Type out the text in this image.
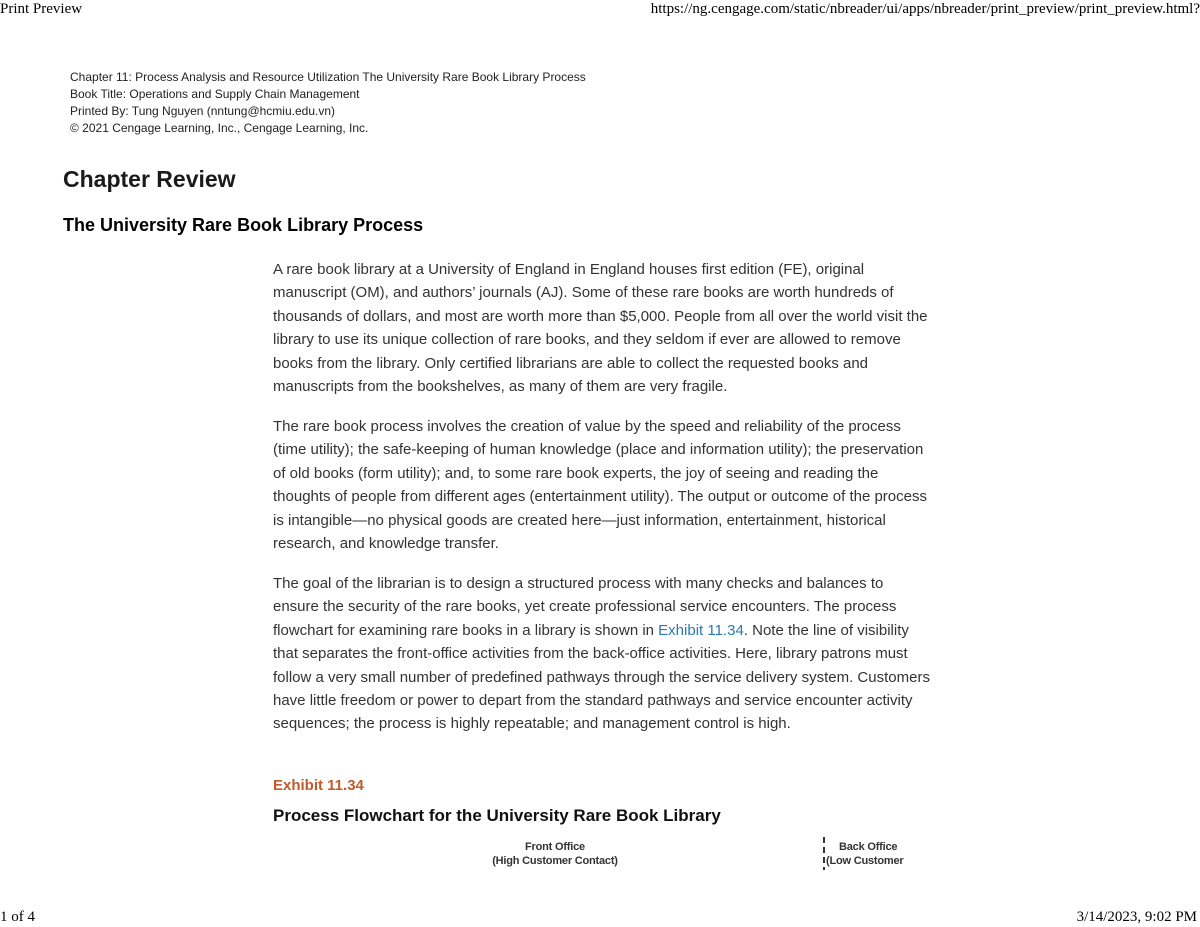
Print Preview	https://ng.cengage.com/static/nbreader/ui/apps/nbreader/print_preview/print_preview.html?
Chapter 11: Process Analysis and Resource Utilization The University Rare Book Library Process
Book Title: Operations and Supply Chain Management
Printed By: Tung Nguyen (nntung@hcmiu.edu.vn)
© 2021 Cengage Learning, Inc., Cengage Learning, Inc.
Chapter Review
The University Rare Book Library Process

A rare book library at a University of England in England houses first edition (FE), original manuscript (OM), and authors’ journals (AJ). Some of these rare books are worth hundreds of thousands of dollars, and most are worth more than $5,000. People from all over the world visit the library to use its unique collection of rare books, and they seldom if ever are allowed to remove books from the library. Only certified librarians are able to collect the requested books and manuscripts from the bookshelves, as many of them are very fragile.

The rare book process involves the creation of value by the speed and reliability of the process (time utility); the safe-keeping of human knowledge (place and information utility); the preservation of old books (form utility); and, to some rare book experts, the joy of seeing and reading the thoughts of people from different ages (entertainment utility). The output or outcome of the process is intangible—no physical goods are created here—just information, entertainment, historical research, and knowledge transfer.

The goal of the librarian is to design a structured process with many checks and balances to ensure the security of the rare books, yet create professional service encounters. The process flowchart for examining rare books in a library is shown in Exhibit 11.34. Note the line of visibility that separates the front-office activities from the back-office activities. Here, library patrons must follow a very small number of predefined pathways through the service delivery system. Customers have little freedom or power to depart from the standard pathways and service encounter activity sequences; the process is highly repeatable; and management control is high.

Exhibit 11.34
Process Flowchart for the University Rare Book Library
Front Office
(High Customer Contact)
Back Office
(Low Customer
1 of 4	3/14/2023, 9:02 PM
